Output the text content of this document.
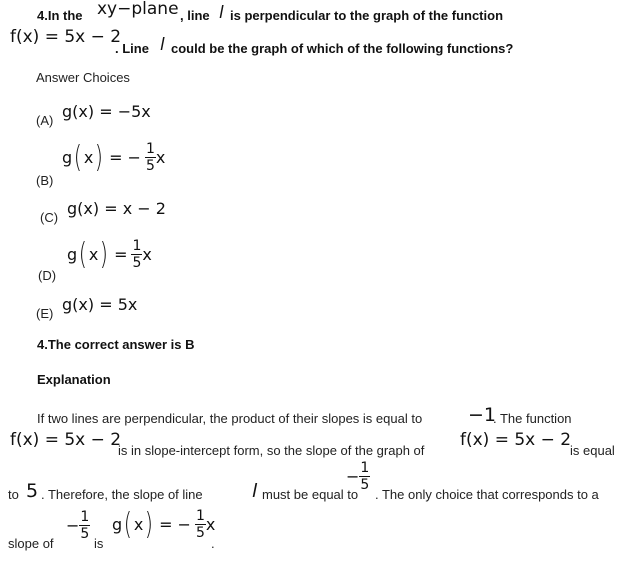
4.In the xy−plane , line l is perpendicular to the graph of the function
f(x) = 5x − 2
. Line l could be the graph of which of the following functions?
Answer Choices
(A) g(x) = −5x
(B)
g ( x ) = − $\frac{1}{5}$ x
(C) g(x) = x − 2
(D)
g ( x ) = $\frac{1}{5}$ x
(E) g(x) = 5x
4.The correct answer is B
Explanation
If two lines are perpendicular, the product of their slopes is equal to −1
. The function
f(x) = 5x − 2
is in slope-intercept form, so the slope of the graph of
f(x) = 5x − 2
is equal
to 5 . Therefore, the slope of line	l must be equal to
− $\frac{1}{5}$
. The only choice that corresponds to a
slope of
− $\frac{1}{5}$
is
g ( x ) = − $\frac{1}{5}$ x
.
